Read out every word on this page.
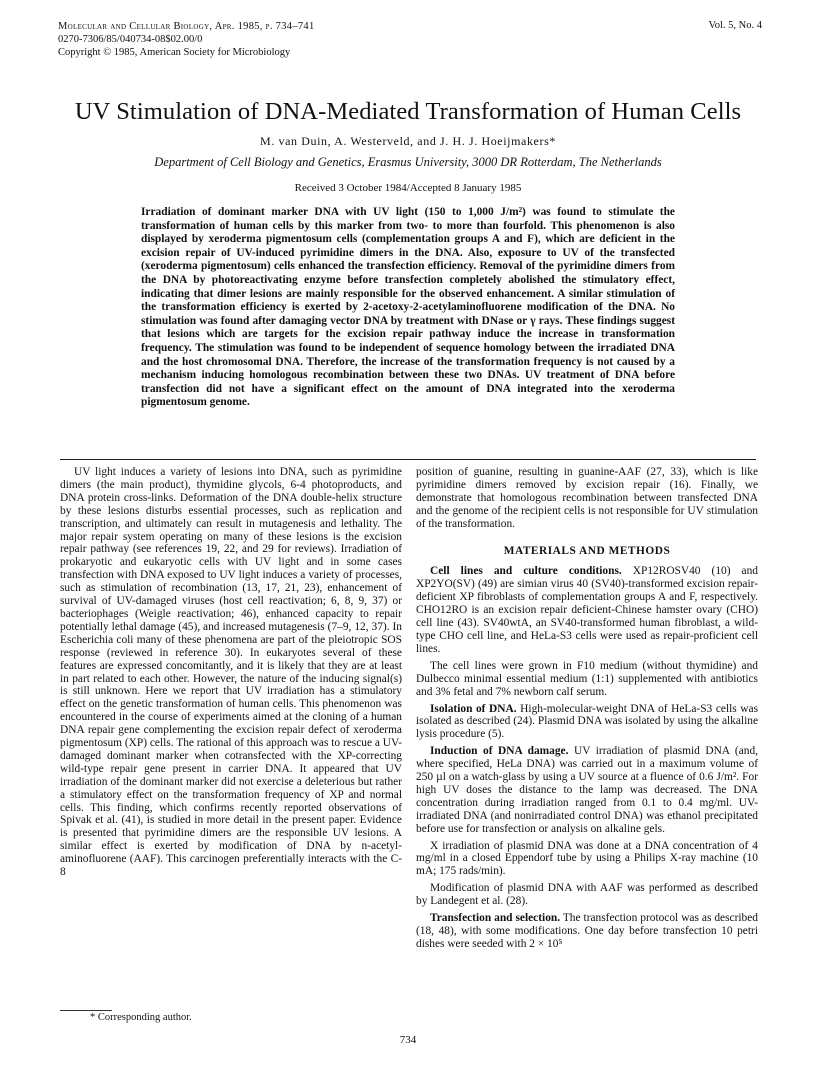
Molecular and Cellular Biology, Apr. 1985, p. 734–741
0270-7306/85/040734-08$02.00/0
Copyright © 1985, American Society for Microbiology
Vol. 5, No. 4
UV Stimulation of DNA-Mediated Transformation of Human Cells
M. van Duin, A. Westerveld, and J. H. J. Hoeijmakers*
Department of Cell Biology and Genetics, Erasmus University, 3000 DR Rotterdam, The Netherlands
Received 3 October 1984/Accepted 8 January 1985
Irradiation of dominant marker DNA with UV light (150 to 1,000 J/m²) was found to stimulate the transformation of human cells by this marker from two- to more than fourfold. This phenomenon is also displayed by xeroderma pigmentosum cells (complementation groups A and F), which are deficient in the excision repair of UV-induced pyrimidine dimers in the DNA. Also, exposure to UV of the transfected (xeroderma pigmentosum) cells enhanced the transfection efficiency. Removal of the pyrimidine dimers from the DNA by photoreactivating enzyme before transfection completely abolished the stimulatory effect, indicating that dimer lesions are mainly responsible for the observed enhancement. A similar stimulation of the transformation efficiency is exerted by 2-acetoxy-2-acetylaminofluorene modification of the DNA. No stimulation was found after damaging vector DNA by treatment with DNase or γ rays. These findings suggest that lesions which are targets for the excision repair pathway induce the increase in transformation frequency. The stimulation was found to be independent of sequence homology between the irradiated DNA and the host chromosomal DNA. Therefore, the increase of the transformation frequency is not caused by a mechanism inducing homologous recombination between these two DNAs. UV treatment of DNA before transfection did not have a significant effect on the amount of DNA integrated into the xeroderma pigmentosum genome.

UV light induces a variety of lesions into DNA, such as pyrimidine dimers (the main product), thymidine glycols, 6-4 photoproducts, and DNA protein cross-links. Deformation of the DNA double-helix structure by these lesions disturbs essential processes, such as replication and transcription, and ultimately can result in mutagenesis and lethality. The major repair system operating on many of these lesions is the excision repair pathway (see references 19, 22, and 29 for reviews). Irradiation of prokaryotic and eukaryotic cells with UV light and in some cases transfection with DNA exposed to UV light induces a variety of processes, such as stimulation of recombination (13, 17, 21, 23), enhancement of survival of UV-damaged viruses (host cell reactivation; 6, 8, 9, 37) or bacteriophages (Weigle reactivation; 46), enhanced capacity to repair potentially lethal damage (45), and increased mutagenesis (7–9, 12, 37). In Escherichia coli many of these phenomena are part of the pleiotropic SOS response (reviewed in reference 30). In eukaryotes several of these features are expressed concomitantly, and it is likely that they are at least in part related to each other. However, the nature of the inducing signal(s) is still unknown. Here we report that UV irradiation has a stimulatory effect on the genetic transformation of human cells. This phenomenon was encountered in the course of experiments aimed at the cloning of a human DNA repair gene complementing the excision repair defect of xeroderma pigmentosum (XP) cells. The rational of this approach was to rescue a UV-damaged dominant marker when cotransfected with the XP-correcting wild-type repair gene present in carrier DNA. It appeared that UV irradiation of the dominant marker did not exercise a deleterious but rather a stimulatory effect on the transformation frequency of XP and normal cells. This finding, which confirms recently reported observations of Spivak et al. (41), is studied in more detail in the present paper. Evidence is presented that pyrimidine dimers are the responsible UV lesions. A similar effect is exerted by modification of DNA by n-acetyl-aminofluorene (AAF). This carcinogen preferentially interacts with the C-8

position of guanine, resulting in guanine-AAF (27, 33), which is like pyrimidine dimers removed by excision repair (16). Finally, we demonstrate that homologous recombination between transfected DNA and the genome of the recipient cells is not responsible for UV stimulation of the transformation.

MATERIALS AND METHODS

Cell lines and culture conditions. XP12ROSV40 (10) and XP2YO(SV) (49) are simian virus 40 (SV40)-transformed excision repair-deficient XP fibroblasts of complementation groups A and F, respectively. CHO12RO is an excision repair deficient-Chinese hamster ovary (CHO) cell line (43). SV40wtA, an SV40-transformed human fibroblast, a wild-type CHO cell line, and HeLa-S3 cells were used as repair-proficient cell lines.

The cell lines were grown in F10 medium (without thymidine) and Dulbecco minimal essential medium (1:1) supplemented with antibiotics and 3% fetal and 7% newborn calf serum.

Isolation of DNA. High-molecular-weight DNA of HeLa-S3 cells was isolated as described (24). Plasmid DNA was isolated by using the alkaline lysis procedure (5).

Induction of DNA damage. UV irradiation of plasmid DNA (and, where specified, HeLa DNA) was carried out in a maximum volume of 250 µl on a watch-glass by using a UV source at a fluence of 0.6 J/m². For high UV doses the distance to the lamp was decreased. The DNA concentration during irradiation ranged from 0.1 to 0.4 mg/ml. UV-irradiated DNA (and nonirradiated control DNA) was ethanol precipitated before use for transfection or analysis on alkaline gels.

X irradiation of plasmid DNA was done at a DNA concentration of 4 mg/ml in a closed Eppendorf tube by using a Philips X-ray machine (10 mA; 175 rads/min).

Modification of plasmid DNA with AAF was performed as described by Landegent et al. (28).

Transfection and selection. The transfection protocol was as described (18, 48), with some modifications. One day before transfection 10 petri dishes were seeded with 2 × 10⁵

* Corresponding author.
734
